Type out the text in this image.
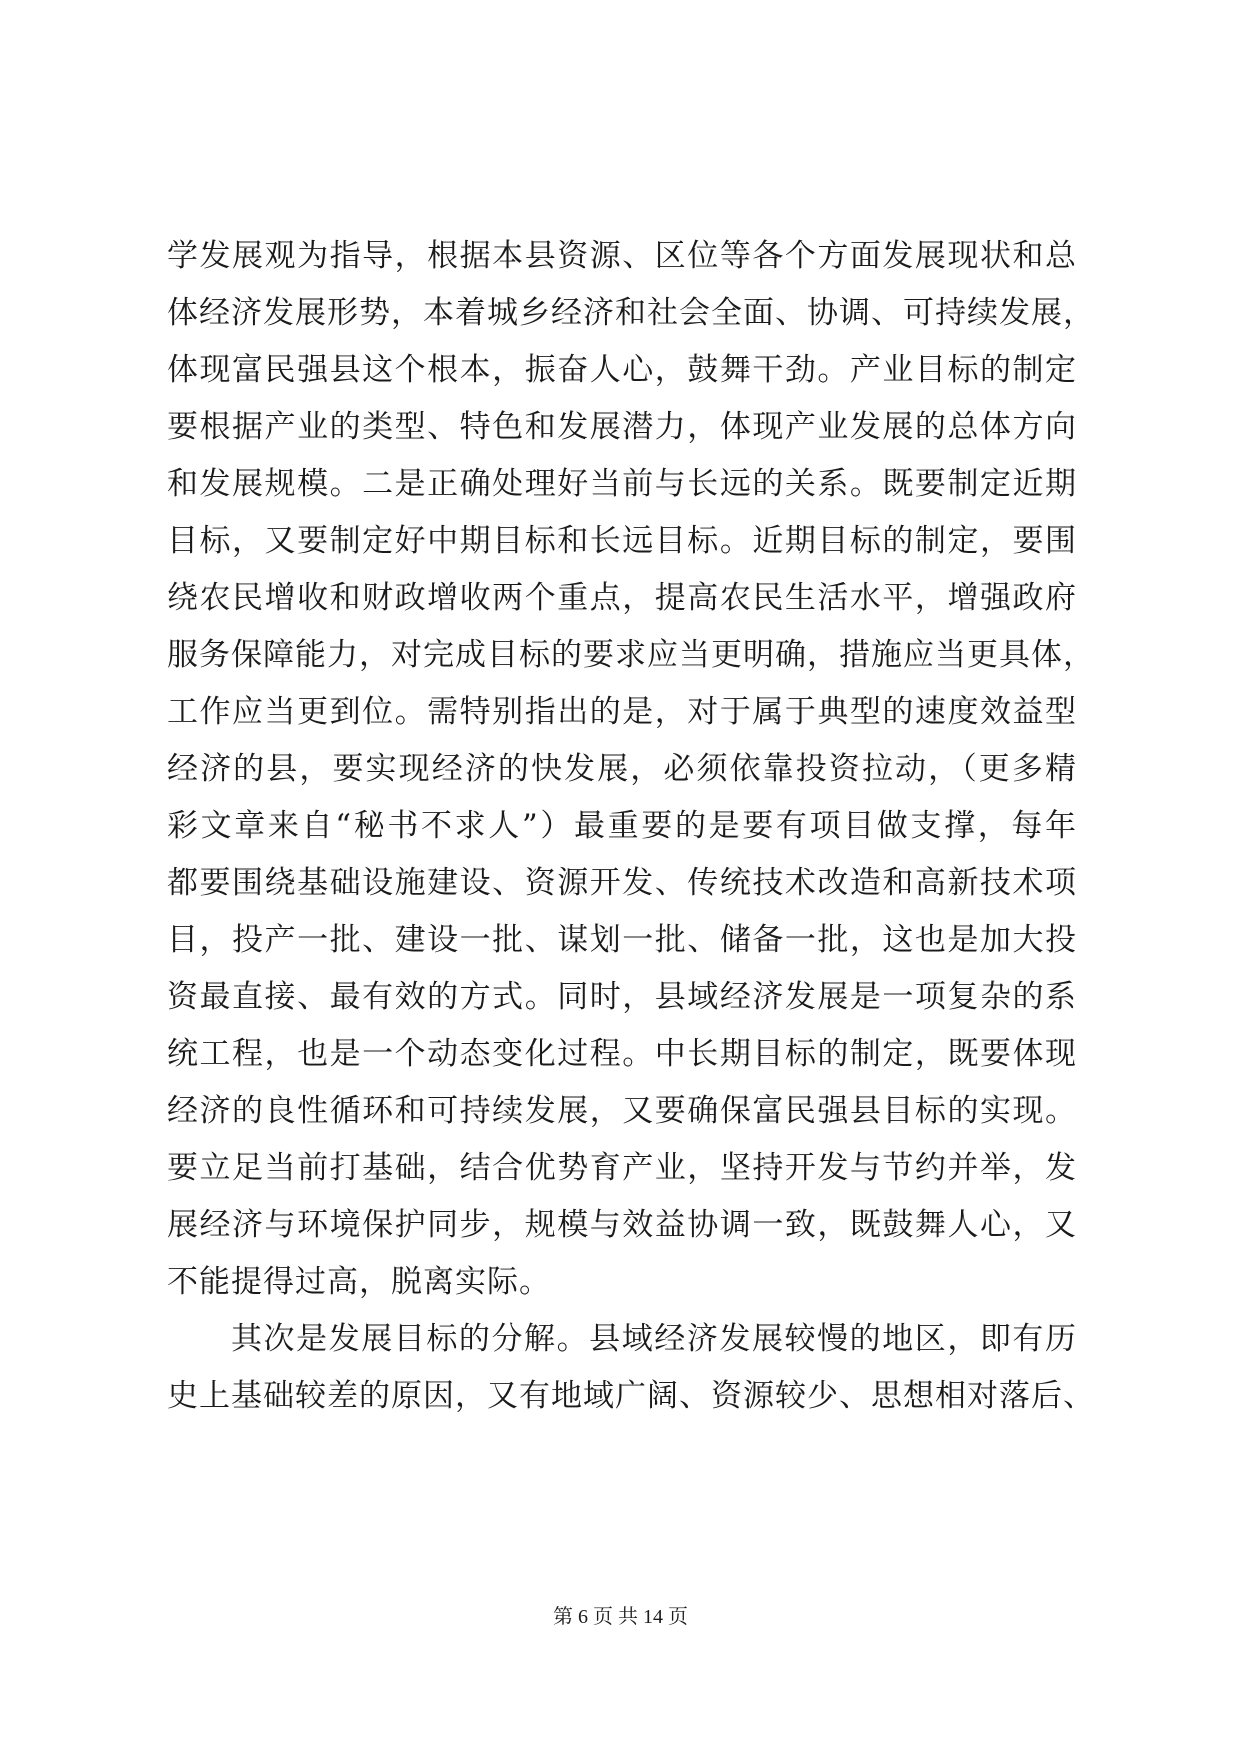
学发展观为指导，根据本县资源、区位等各个方面发展现状和总
体经济发展形势，本着城乡经济和社会全面、协调、可持续发展，
体现富民强县这个根本，振奋人心，鼓舞干劲。产业目标的制定
要根据产业的类型、特色和发展潜力，体现产业发展的总体方向
和发展规模。二是正确处理好当前与长远的关系。既要制定近期
目标，又要制定好中期目标和长远目标。近期目标的制定，要围
绕农民增收和财政增收两个重点，提高农民生活水平，增强政府
服务保障能力，对完成目标的要求应当更明确，措施应当更具体，
工作应当更到位。需特别指出的是，对于属于典型的速度效益型
经济的县，要实现经济的快发展，必须依靠投资拉动，（更多精
彩文章来自“秘书不求人”）最重要的是要有项目做支撑，每年
都要围绕基础设施建设、资源开发、传统技术改造和高新技术项
目，投产一批、建设一批、谋划一批、储备一批，这也是加大投
资最直接、最有效的方式。同时，县域经济发展是一项复杂的系
统工程，也是一个动态变化过程。中长期目标的制定，既要体现
经济的良性循环和可持续发展，又要确保富民强县目标的实现。
要立足当前打基础，结合优势育产业，坚持开发与节约并举，发
展经济与环境保护同步，规模与效益协调一致，既鼓舞人心，又
不能提得过高，脱离实际。
其次是发展目标的分解。县域经济发展较慢的地区，即有历
史上基础较差的原因，又有地域广阔、资源较少、思想相对落后、
第 6 页 共 14 页
